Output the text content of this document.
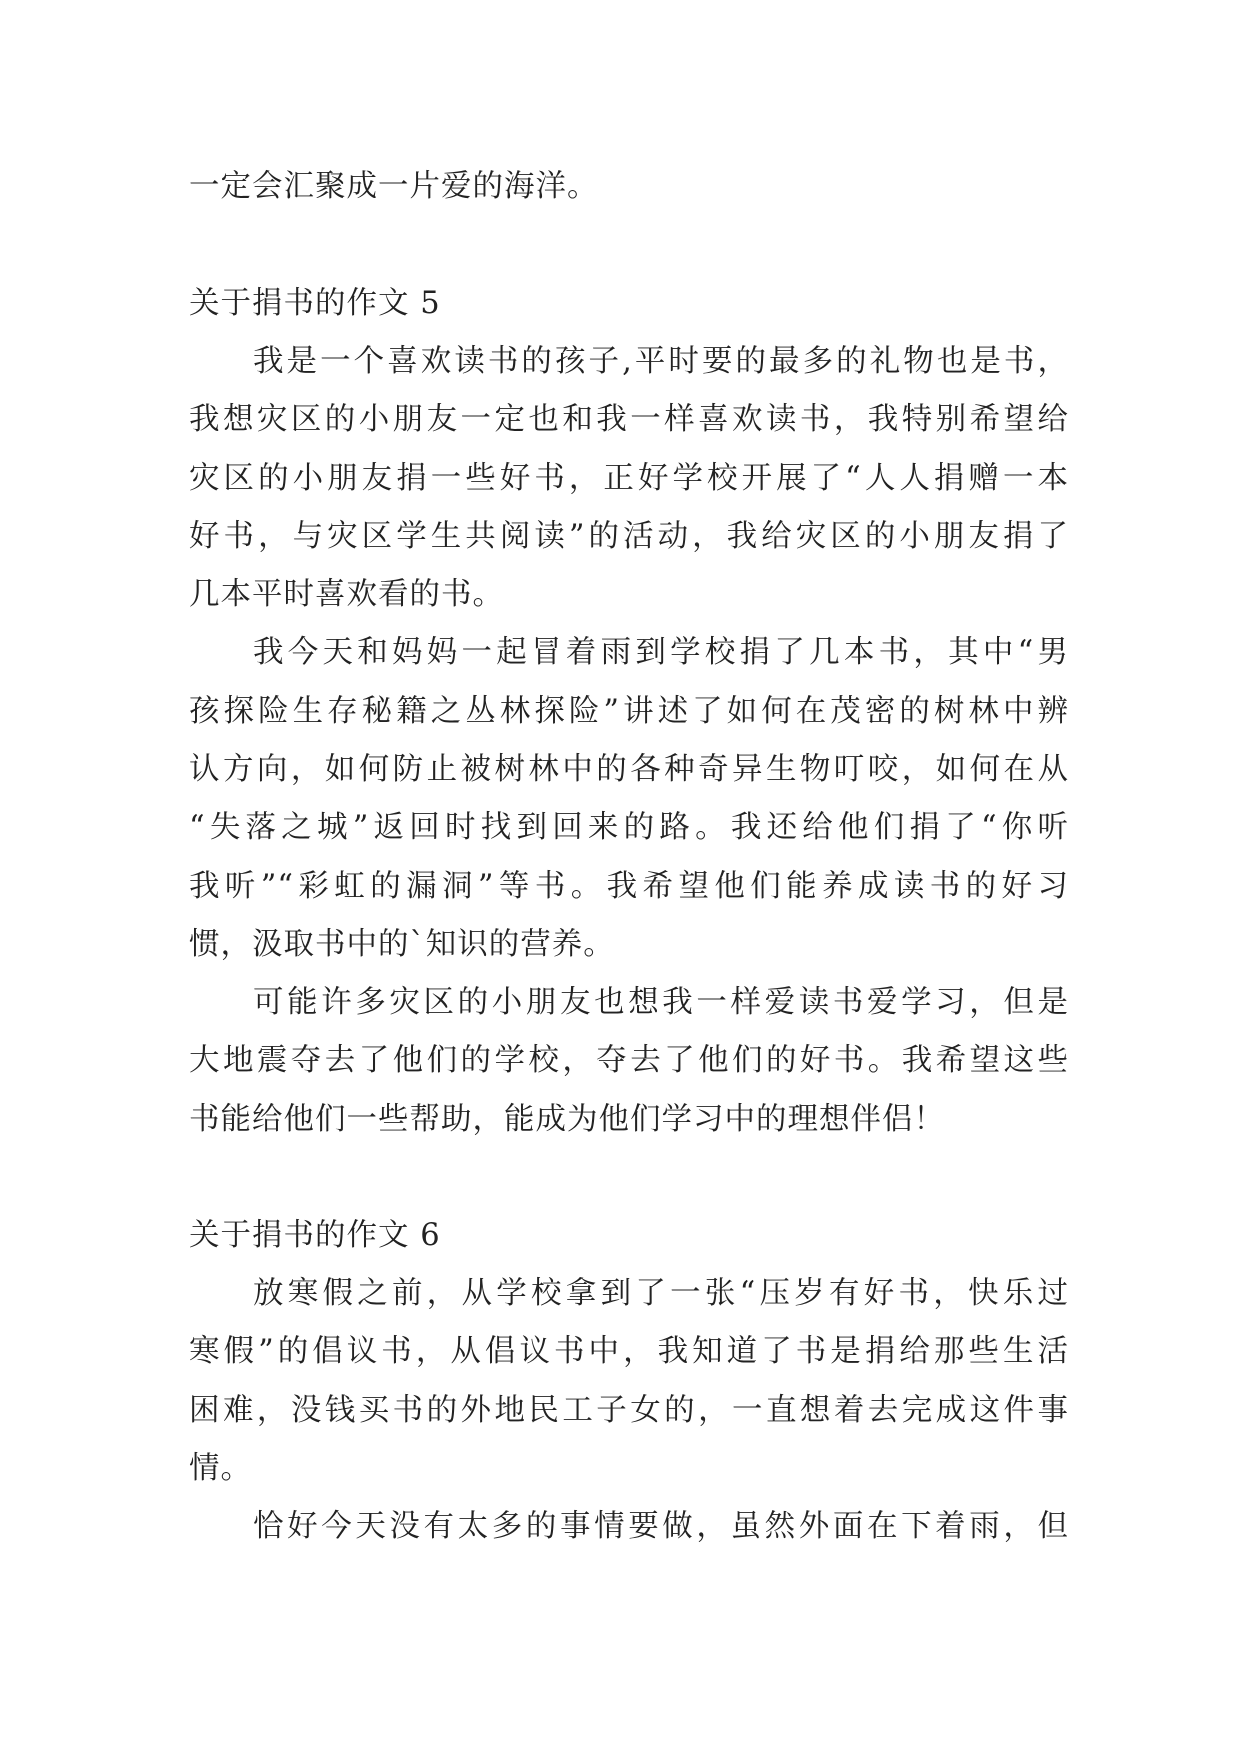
一定会汇聚成一片爱的海洋。
关于捐书的作文 5
我是一个喜欢读书的孩子,平时要的最多的礼物也是书，
我想灾区的小朋友一定也和我一样喜欢读书，我特别希望给
灾区的小朋友捐一些好书，正好学校开展了“人人捐赠一本
好书，与灾区学生共阅读”的活动，我给灾区的小朋友捐了
几本平时喜欢看的书。
我今天和妈妈一起冒着雨到学校捐了几本书，其中“男
孩探险生存秘籍之丛林探险”讲述了如何在茂密的树林中辨
认方向，如何防止被树林中的各种奇异生物叮咬，如何在从
“失落之城”返回时找到回来的路。我还给他们捐了“你听
我听”“彩虹的漏洞”等书。我希望他们能养成读书的好习
惯，汲取书中的`知识的营养。
可能许多灾区的小朋友也想我一样爱读书爱学习，但是
大地震夺去了他们的学校，夺去了他们的好书。我希望这些
书能给他们一些帮助，能成为他们学习中的理想伴侣！
关于捐书的作文 6
放寒假之前，从学校拿到了一张“压岁有好书，快乐过
寒假”的倡议书，从倡议书中，我知道了书是捐给那些生活
困难，没钱买书的外地民工子女的，一直想着去完成这件事
情。
恰好今天没有太多的事情要做，虽然外面在下着雨，但
